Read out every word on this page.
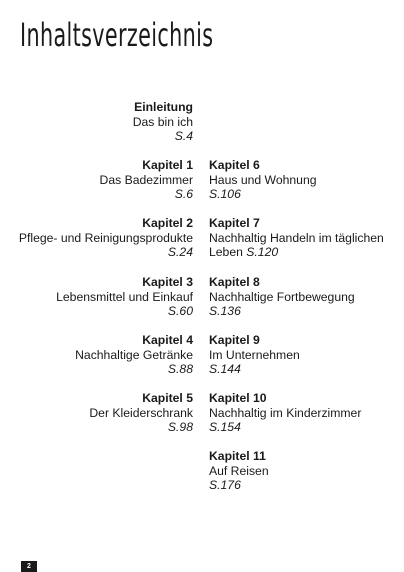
Inhaltsverzeichnis
Einleitung
Das bin ich
S.4
Kapitel 1
Das Badezimmer
S.6
Kapitel 2
Pflege- und Reinigungsprodukte
S.24
Kapitel 3
Lebensmittel und Einkauf
S.60
Kapitel 4
Nachhaltige Getränke
S.88
Kapitel 5
Der Kleiderschrank
S.98
Kapitel 6
Haus und Wohnung
S.106
Kapitel 7
Nachhaltig Handeln im täglichen
Leben S.120
Kapitel 8
Nachhaltige Fortbewegung
S.136
Kapitel 9
Im Unternehmen
S.144
Kapitel 10
Nachhaltig im Kinderzimmer
S.154
Kapitel 11
Auf Reisen
S.176
2
